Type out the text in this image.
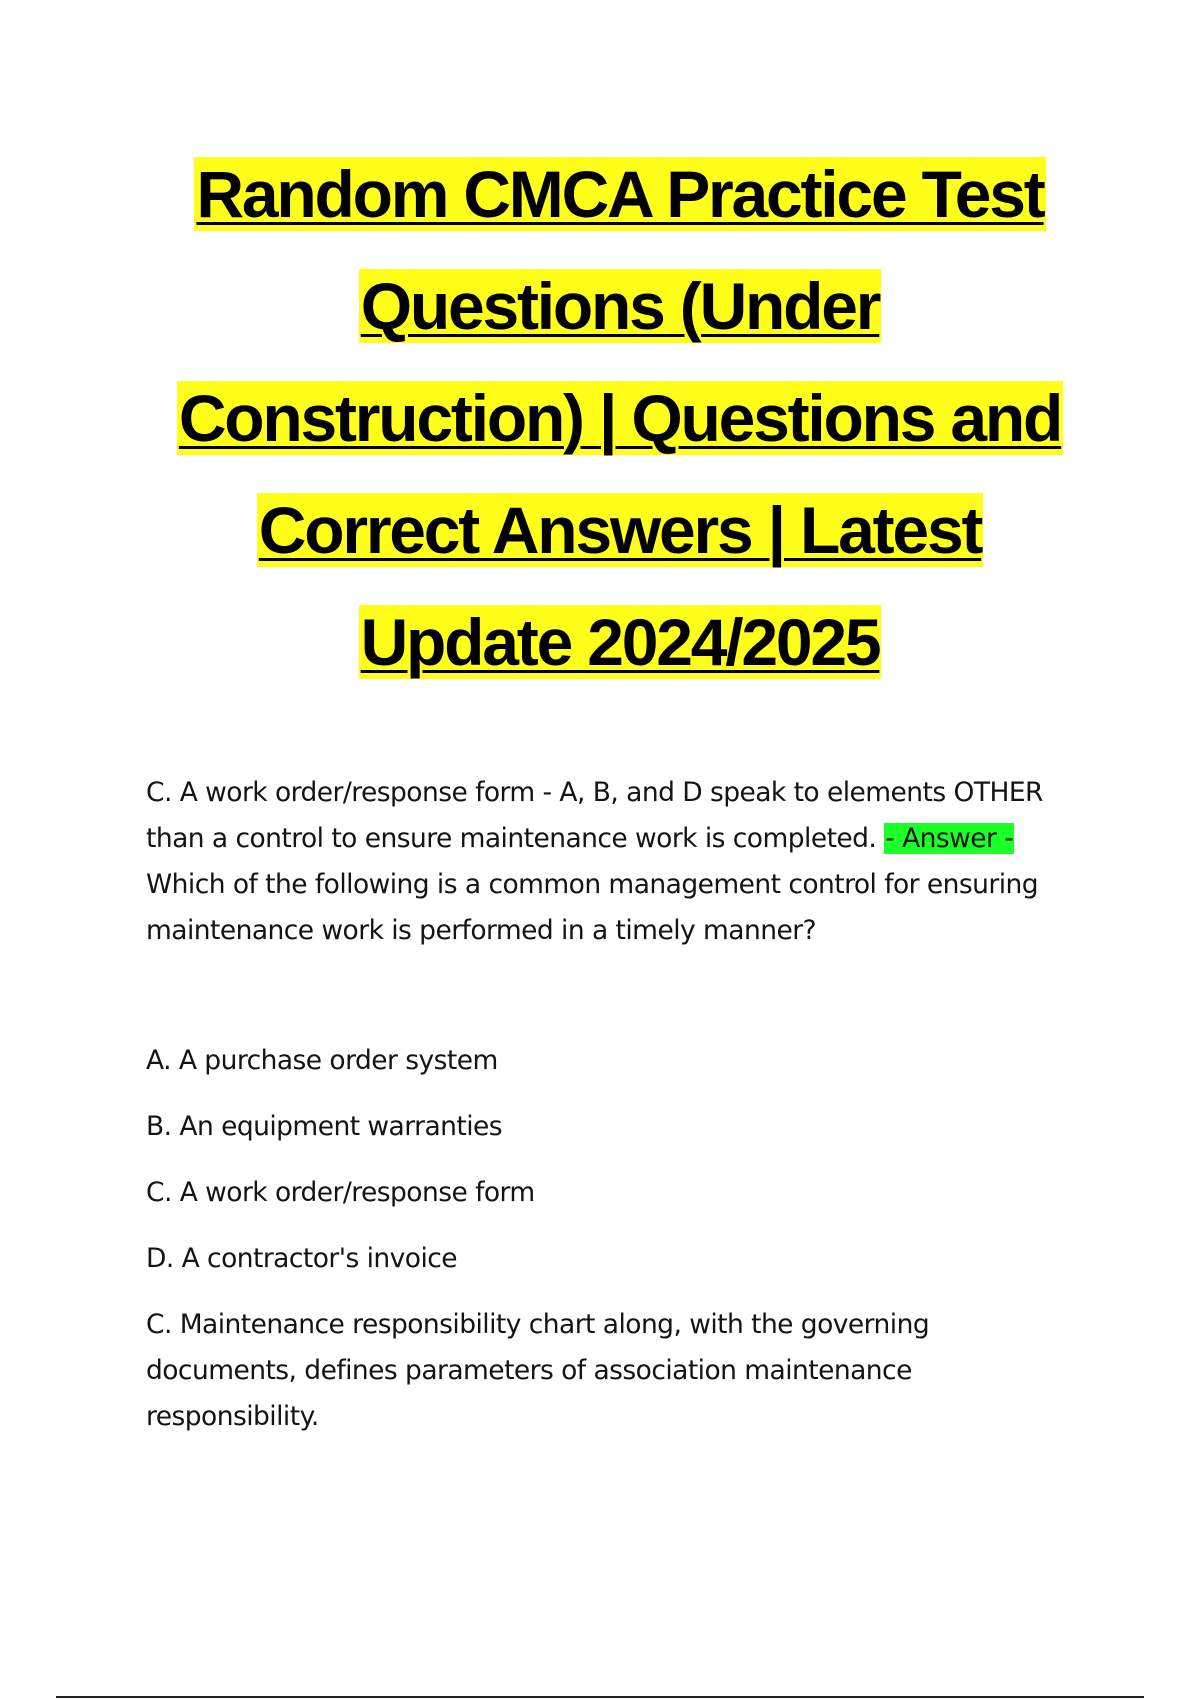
Random CMCA Practice Test
Questions (Under
Construction) | Questions and
Correct Answers | Latest
Update 2024/2025

C. A work order/response form - A, B, and D speak to elements OTHER than a control to ensure maintenance work is completed. - Answer - Which of the following is a common management control for ensuring maintenance work is performed in a timely manner?

A. A purchase order system

B. An equipment warranties

C. A work order/response form

D. A contractor's invoice

C. Maintenance responsibility chart along, with the governing documents, defines parameters of association maintenance responsibility.
